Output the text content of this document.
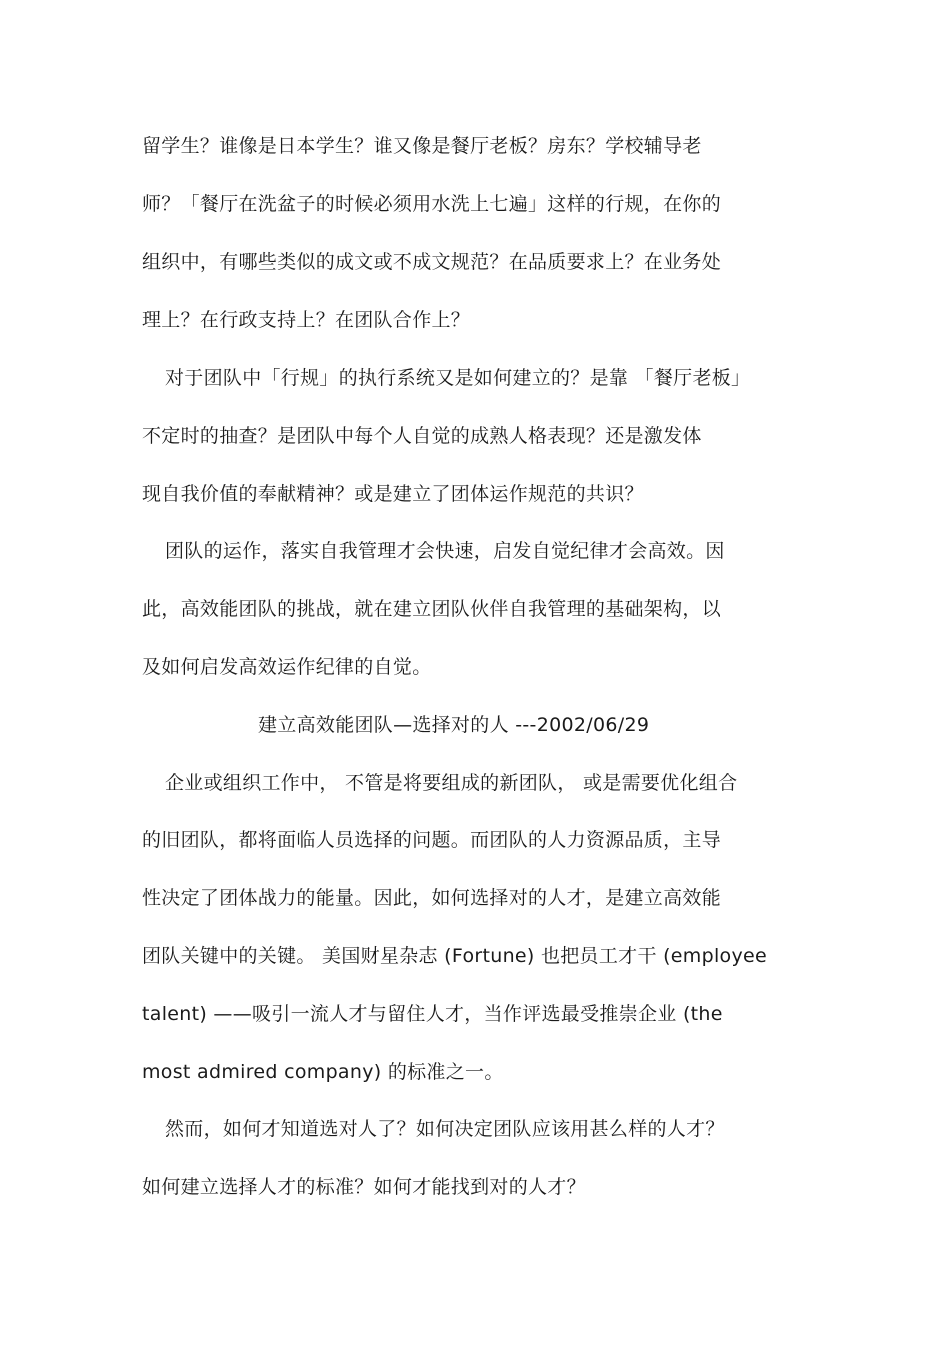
留学生？谁像是日本学生？谁又像是餐厅老板？房东？学校辅导老
师？「餐厅在洗盆子的时候必须用水洗上七遍」这样的行规，在你的
组织中，有哪些类似的成文或不成文规范？在品质要求上？在业务处
理上？在行政支持上？在团队合作上？
对于团队中「行规」的执行系统又是如何建立的？是靠 「餐厅老板」
不定时的抽查？是团队中每个人自觉的成熟人格表现？还是激发体
现自我价值的奉献精神？或是建立了团体运作规范的共识？
团队的运作，落实自我管理才会快速，启发自觉纪律才会高效。因
此，高效能团队的挑战，就在建立团队伙伴自我管理的基础架构，以
及如何启发高效运作纪律的自觉。
建立高效能团队—选择对的人 ---2002/06/29
企业或组织工作中， 不管是将要组成的新团队， 或是需要优化组合
的旧团队，都将面临人员选择的问题。而团队的人力资源品质，主导
性决定了团体战力的能量。因此，如何选择对的人才，是建立高效能
团队关键中的关键。 美国财星杂志 (Fortune) 也把员工才干 (employee
talent) ——吸引一流人才与留住人才，当作评选最受推崇企业 (the
most admired company) 的标准之一。
然而，如何才知道选对人了？如何决定团队应该用甚么样的人才？
如何建立选择人才的标准？如何才能找到对的人才？
